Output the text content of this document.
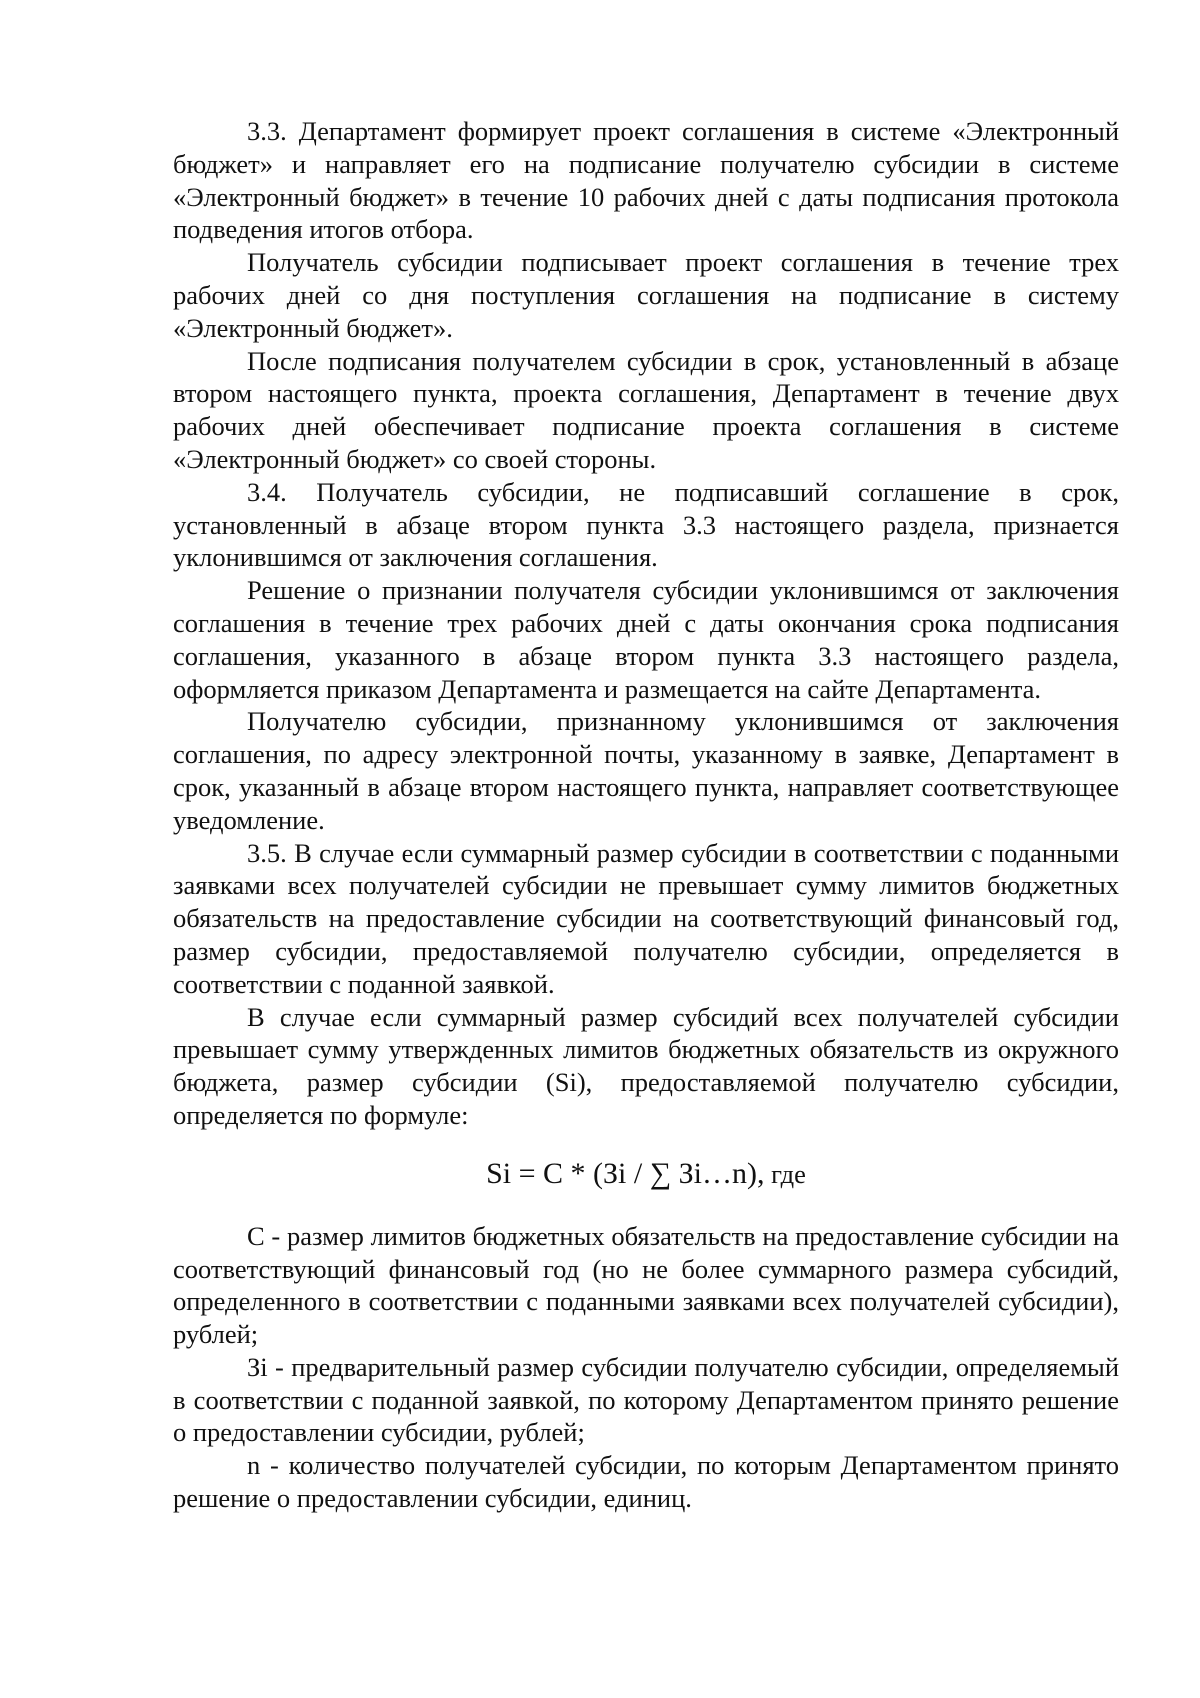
3.3. Департамент формирует проект соглашения в системе «Электронный бюджет» и направляет его на подписание получателю субсидии в системе «Электронный бюджет» в течение 10 рабочих дней с даты подписания протокола подведения итогов отбора.

Получатель субсидии подписывает проект соглашения в течение трех рабочих дней со дня поступления соглашения на подписание в систему «Электронный бюджет».

После подписания получателем субсидии в срок, установленный в абзаце втором настоящего пункта, проекта соглашения, Департамент в течение двух рабочих дней обеспечивает подписание проекта соглашения в системе «Электронный бюджет» со своей стороны.

3.4. Получатель субсидии, не подписавший соглашение в срок, установленный в абзаце втором пункта 3.3 настоящего раздела, признается уклонившимся от заключения соглашения.

Решение о признании получателя субсидии уклонившимся от заключения соглашения в течение трех рабочих дней с даты окончания срока подписания соглашения, указанного в абзаце втором пункта 3.3 настоящего раздела, оформляется приказом Департамента и размещается на сайте Департамента.

Получателю субсидии, признанному уклонившимся от заключения соглашения, по адресу электронной почты, указанному в заявке, Департамент в срок, указанный в абзаце втором настоящего пункта, направляет соответствующее уведомление.

3.5. В случае если суммарный размер субсидии в соответствии с поданными заявками всех получателей субсидии не превышает сумму лимитов бюджетных обязательств на предоставление субсидии на соответствующий финансовый год, размер субсидии, предоставляемой получателю субсидии, определяется в соответствии с поданной заявкой.

В случае если суммарный размер субсидий всех получателей субсидии превышает сумму утвержденных лимитов бюджетных обязательств из окружного бюджета, размер субсидии (Si), предоставляемой получателю субсидии, определяется по формуле:

Si = C * (Зi / ∑ Зi…n), где

C - размер лимитов бюджетных обязательств на предоставление субсидии на соответствующий финансовый год (но не более суммарного размера субсидий, определенного в соответствии с поданными заявками всех получателей субсидии), рублей;

Зi - предварительный размер субсидии получателю субсидии, определяемый в соответствии с поданной заявкой, по которому Департаментом принято решение о предоставлении субсидии, рублей;

n - количество получателей субсидии, по которым Департаментом принято решение о предоставлении субсидии, единиц.
